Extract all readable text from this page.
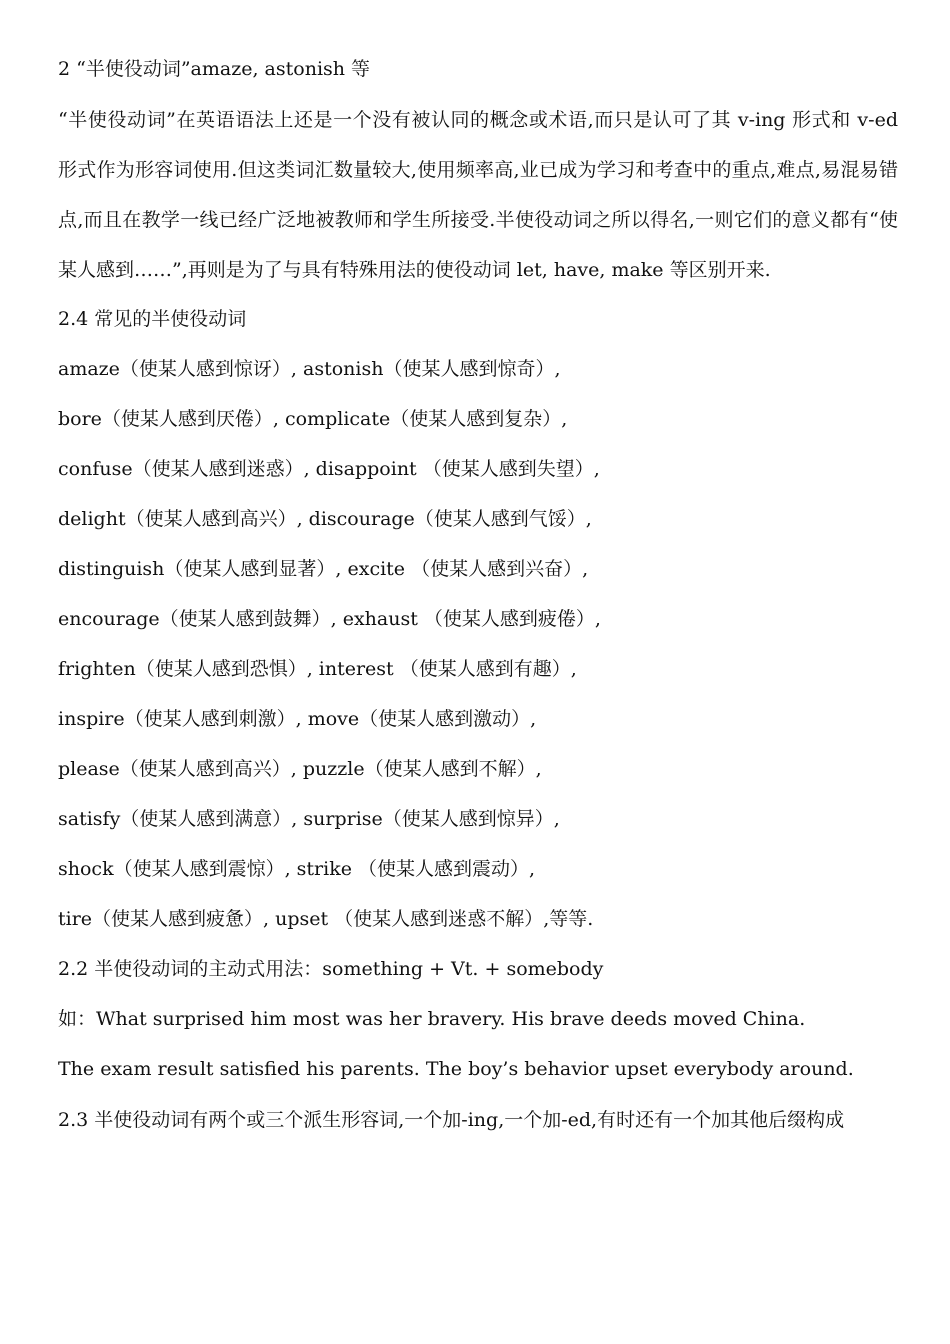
2 “半使役动词”amaze, astonish 等
“半使役动词”在英语语法上还是一个没有被认同的概念或术语,而只是认可了其 v-ing 形式和 v-ed 形式作为形容词使用.但这类词汇数量较大,使用频率高,业已成为学习和考查中的重点,难点,易混易错点,而且在教学一线已经广泛地被教师和学生所接受.半使役动词之所以得名,一则它们的意义都有“使某人感到……”,再则是为了与具有特殊用法的使役动词 let, have, make 等区别开来.
2.4 常见的半使役动词
amaze（使某人感到惊讶）, astonish（使某人感到惊奇）,
bore（使某人感到厌倦）, complicate（使某人感到复杂）,
confuse（使某人感到迷惑）, disappoint （使某人感到失望）,
delight（使某人感到高兴）, discourage（使某人感到气馁）,
distinguish（使某人感到显著）, excite （使某人感到兴奋）,
encourage（使某人感到鼓舞）, exhaust （使某人感到疲倦）,
frighten（使某人感到恐惧）, interest （使某人感到有趣）,
inspire（使某人感到刺激）, move（使某人感到激动）,
please（使某人感到高兴）, puzzle（使某人感到不解）,
satisfy（使某人感到满意）, surprise（使某人感到惊异）,
shock（使某人感到震惊）, strike （使某人感到震动）,
tire（使某人感到疲惫）, upset （使某人感到迷惑不解）,等等.
2.2 半使役动词的主动式用法：something + Vt. + somebody
如：What surprised him most was her bravery. His brave deeds moved China.
The exam result satisfied his parents. The boy’s behavior upset everybody around.
2.3 半使役动词有两个或三个派生形容词,一个加-ing,一个加-ed,有时还有一个加其他后缀构成
